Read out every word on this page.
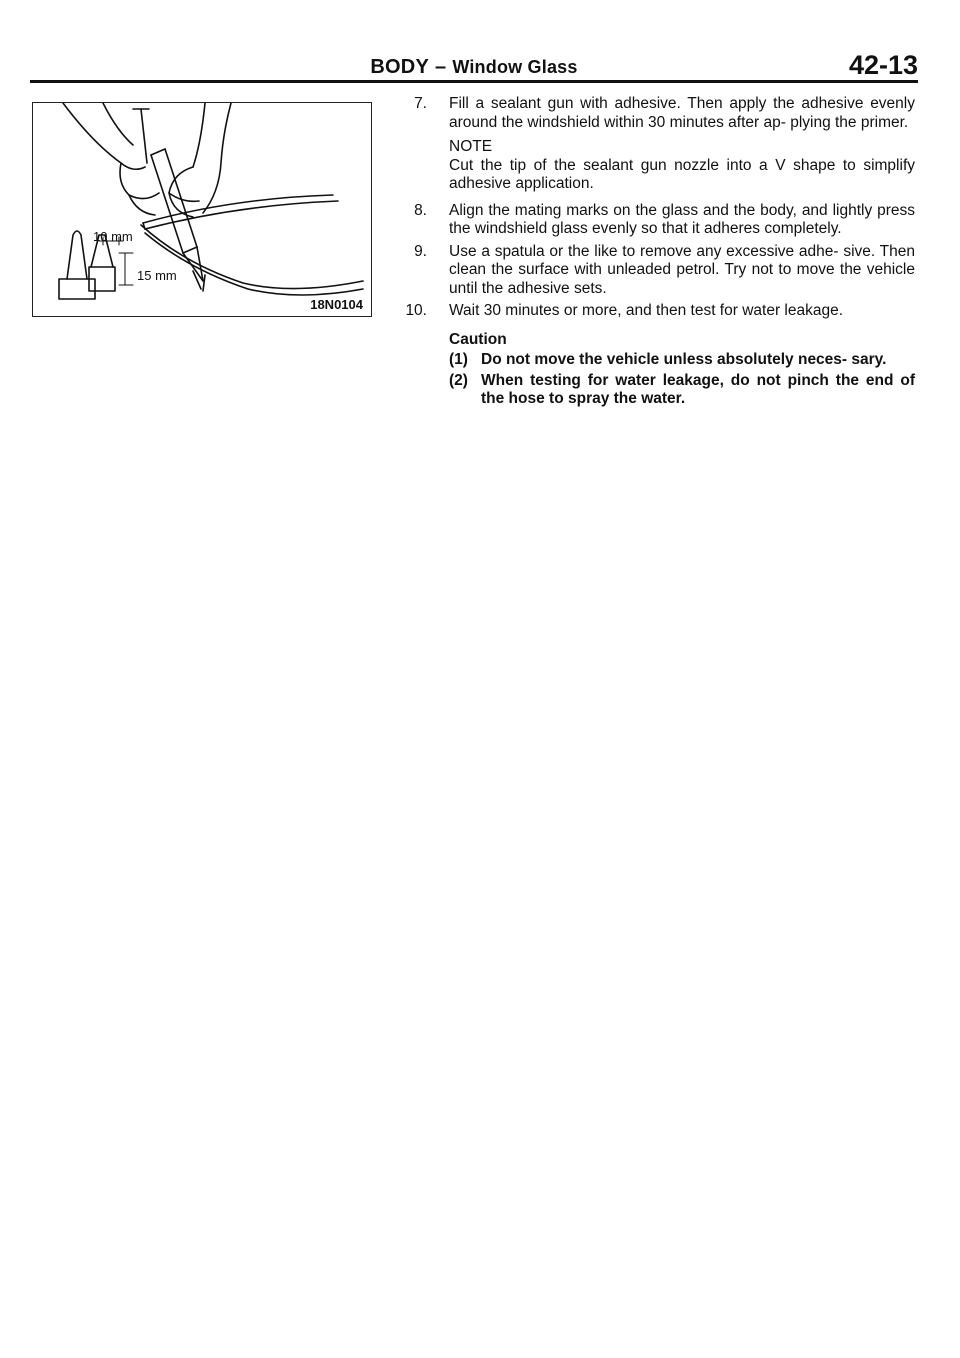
BODY – Window Glass	42-13
10 mm
15 mm
18N0104
7. Fill a sealant gun with adhesive. Then apply the adhesive evenly around the windshield within 30 minutes after ap- plying the primer.
NOTE
Cut the tip of the sealant gun nozzle into a V shape to simplify adhesive application.
8. Align the mating marks on the glass and the body, and lightly press the windshield glass evenly so that it adheres completely.
9. Use a spatula or the like to remove any excessive adhe- sive. Then clean the surface with unleaded petrol. Try not to move the vehicle until the adhesive sets.
10. Wait 30 minutes or more, and then test for water leakage.
Caution
(1) Do not move the vehicle unless absolutely neces- sary.
(2) When testing for water leakage, do not pinch the end of the hose to spray the water.
